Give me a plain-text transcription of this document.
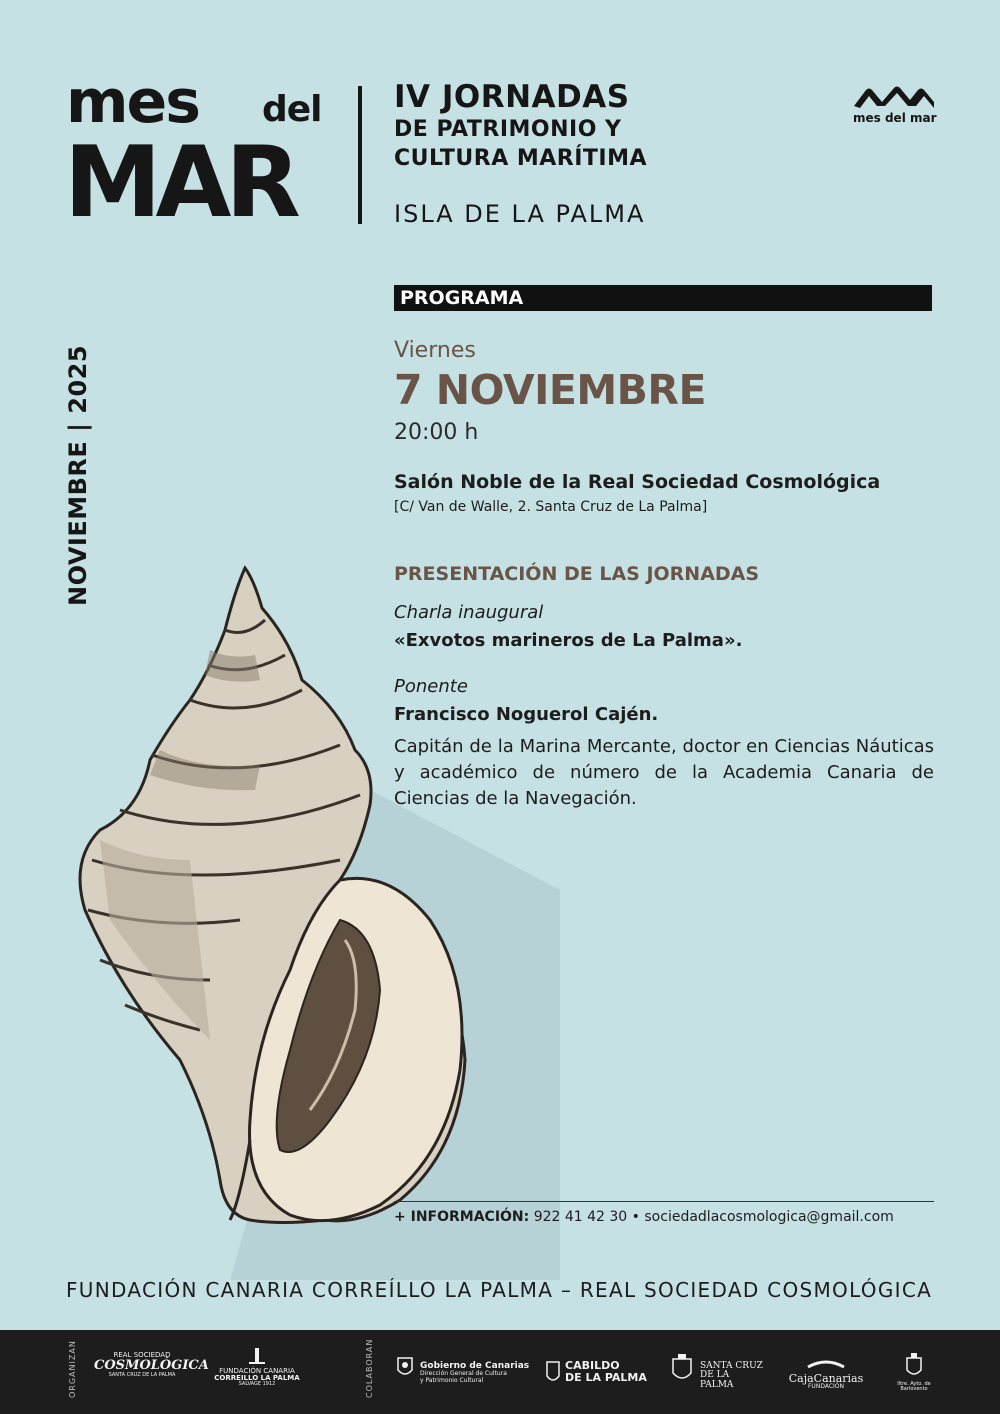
mes del
MAR
IV JORNADAS
DE PATRIMONIO Y
CULTURA MARÍTIMA
ISLA DE LA PALMA
mes del mar
NOVIEMBRE | 2025
PROGRAMA
Viernes
7 NOVIEMBRE
20:00 h
Salón Noble de la Real Sociedad Cosmológica
[C/ Van de Walle, 2. Santa Cruz de La Palma]
PRESENTACIÓN DE LAS JORNADAS
Charla inaugural
«Exvotos marineros de La Palma».
Ponente
Francisco Noguerol Cajén.
Capitán de la Marina Mercante, doctor en Ciencias Náuticas y académico de número de la Academia Canaria de Ciencias de la Navegación.
+ INFORMACIÓN: 922 41 42 30 • sociedadlacosmologica@gmail.com
FUNDACIÓN CANARIA CORREÍLLO LA PALMA – REAL SOCIEDAD COSMOLÓGICA
ORGANIZAN	COLABORAN
REAL SOCIEDAD
COSMOLÓGICA
SANTA CRUZ DE LA PALMA
FUNDACIÓN CANARIA
CORREILLO LA PALMA
SALVAGE 1912
Gobierno de Canarias
Dirección General de Cultura
y Patrimonio Cultural
CABILDO
DE LA PALMA
SANTA CRUZ
DE LA PALMA
CajaCanarias
FUNDACIÓN	Iltre. Ayto. de Barlovento
